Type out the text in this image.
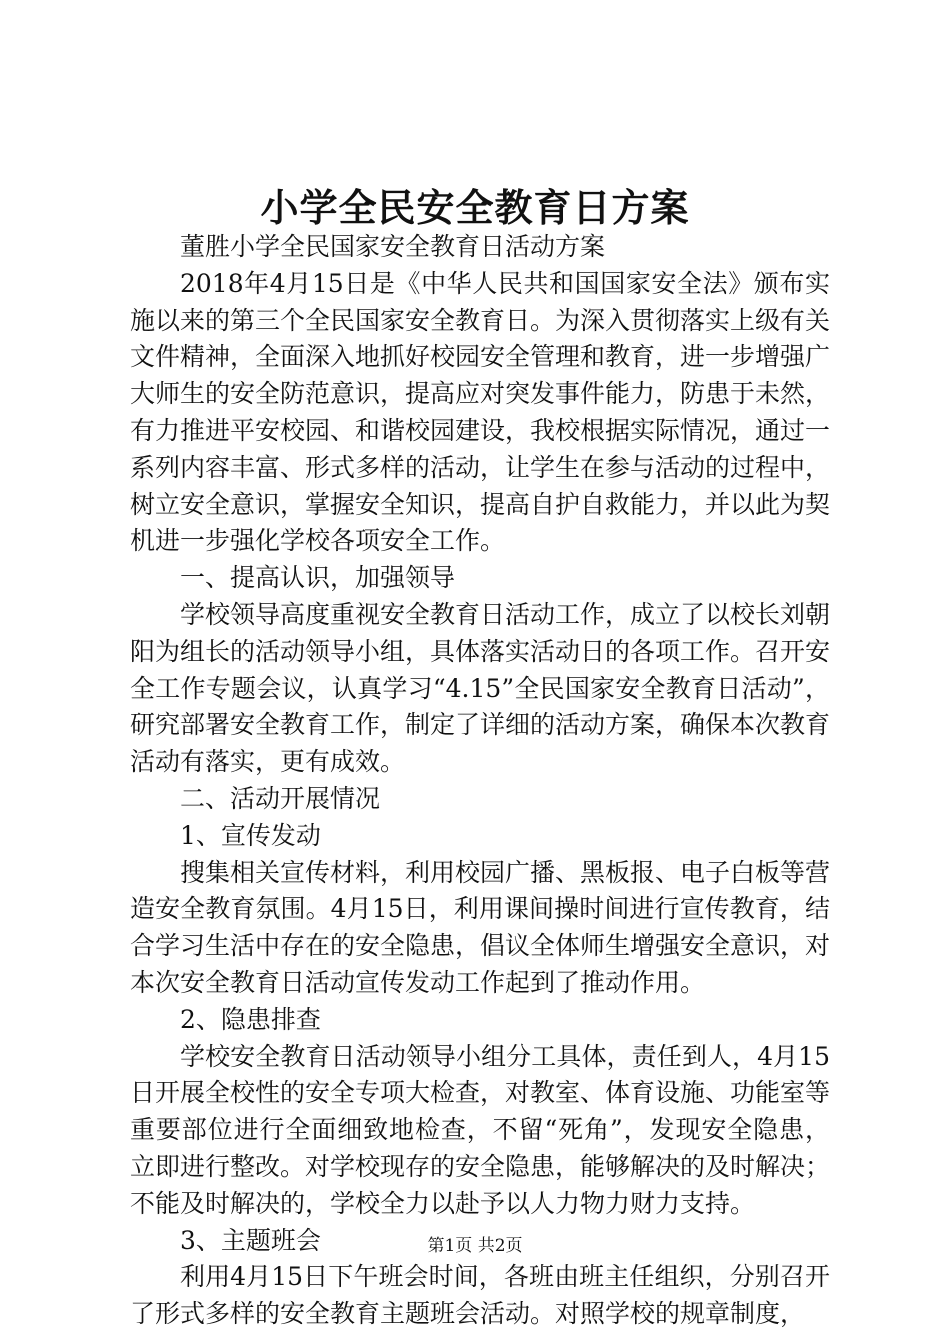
小学全民安全教育日方案

董胜小学全民国家安全教育日活动方案

2018年4月15日是《中华人民共和国国家安全法》颁布实施以来的第三个全民国家安全教育日。为深入贯彻落实上级有关文件精神，全面深入地抓好校园安全管理和教育，进一步增强广大师生的安全防范意识，提高应对突发事件能力，防患于未然，有力推进平安校园、和谐校园建设，我校根据实际情况，通过一系列内容丰富、形式多样的活动，让学生在参与活动的过程中，树立安全意识，掌握安全知识，提高自护自救能力，并以此为契机进一步强化学校各项安全工作。

一、提高认识，加强领导

学校领导高度重视安全教育日活动工作，成立了以校长刘朝阳为组长的活动领导小组，具体落实活动日的各项工作。召开安全工作专题会议，认真学习“4.15”全民国家安全教育日活动”，研究部署安全教育工作，制定了详细的活动方案，确保本次教育活动有落实，更有成效。

二、活动开展情况

1、宣传发动

搜集相关宣传材料，利用校园广播、黑板报、电子白板等营造安全教育氛围。4月15日，利用课间操时间进行宣传教育，结合学习生活中存在的安全隐患，倡议全体师生增强安全意识，对本次安全教育日活动宣传发动工作起到了推动作用。

2、隐患排查

学校安全教育日活动领导小组分工具体，责任到人，4月15日开展全校性的安全专项大检查，对教室、体育设施、功能室等重要部位进行全面细致地检查，不留“死角”，发现安全隐患，立即进行整改。对学校现存的安全隐患，能够解决的及时解决；不能及时解决的，学校全力以赴予以人力物力财力支持。

3、主题班会

利用4月15日下午班会时间，各班由班主任组织，分别召开了形式多样的安全教育主题班会活动。对照学校的规章制度，

第1页 共2页
